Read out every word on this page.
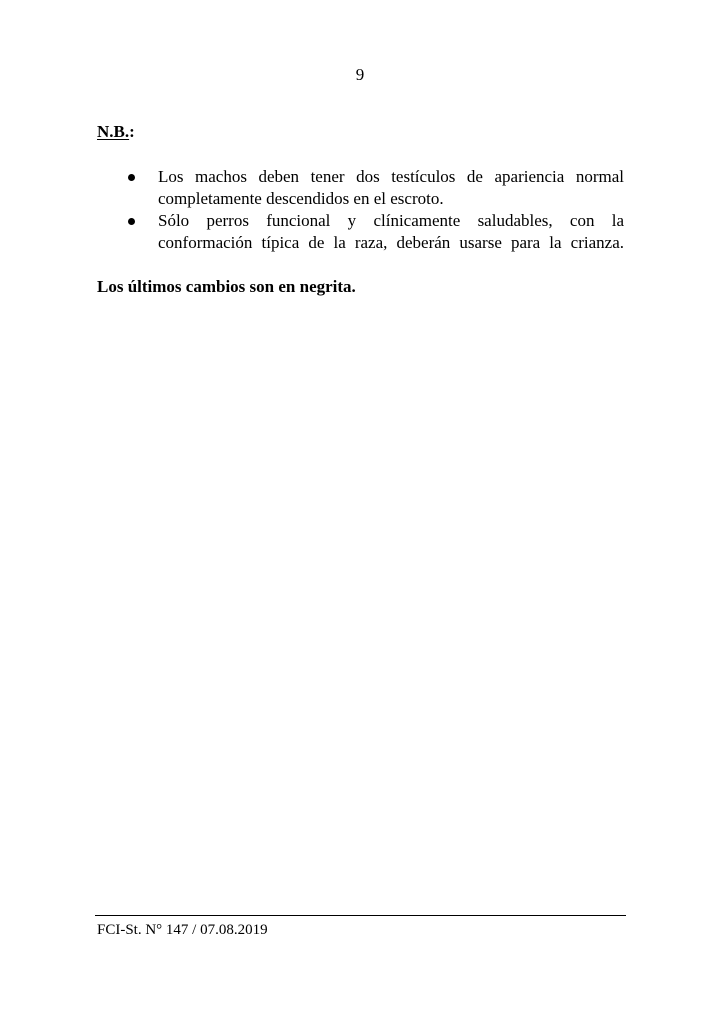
9
N.B.:
Los machos deben tener dos testículos de apariencia normal
completamente descendidos en el escroto.
Sólo perros funcional y clínicamente saludables, con la
conformación típica de la raza, deberán usarse para la crianza.
Los últimos cambios son en negrita.
FCI-St. N° 147 / 07.08.2019
